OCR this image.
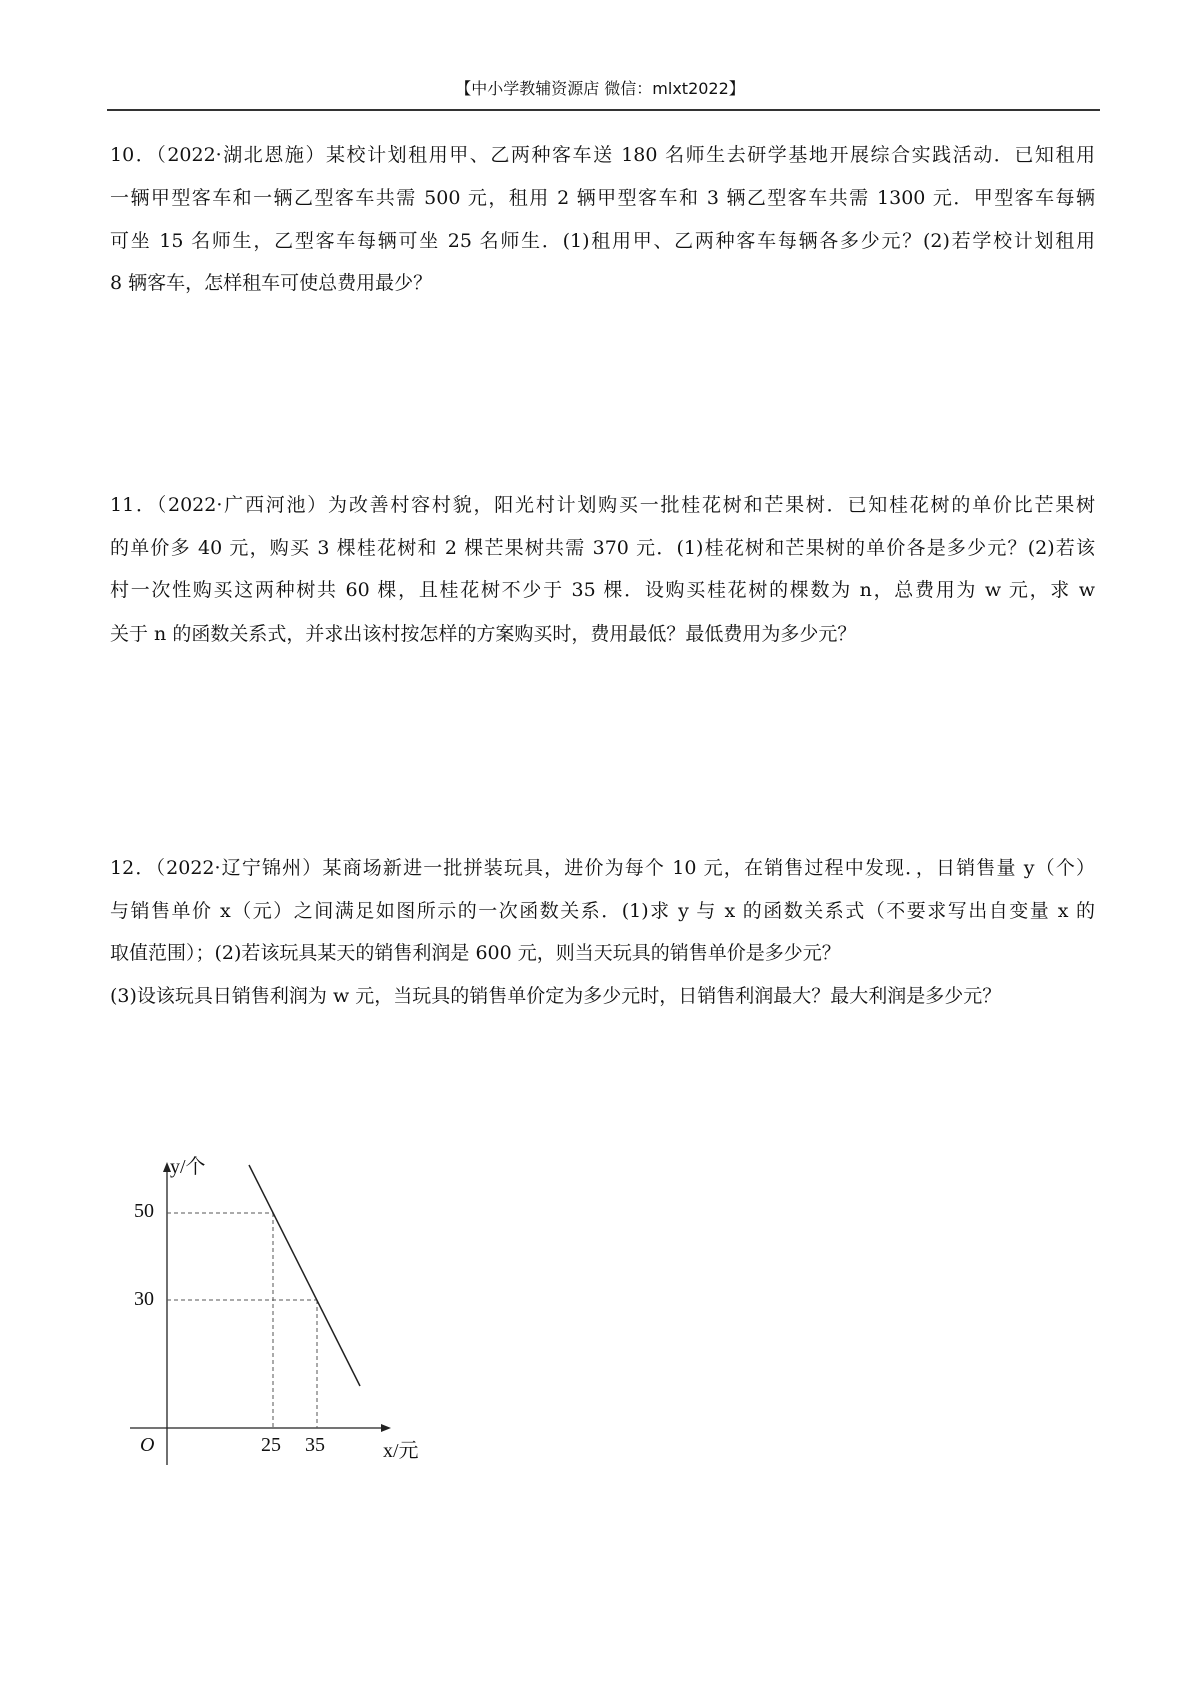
【中小学教辅资源店 微信：mlxt2022】
10．（2022·湖北恩施）某校计划租用甲、乙两种客车送 180 名师生去研学基地开展综合实践活动．已知租用
一辆甲型客车和一辆乙型客车共需 500 元，租用 2 辆甲型客车和 3 辆乙型客车共需 1300 元．甲型客车每辆
可坐 15 名师生，乙型客车每辆可坐 25 名师生．(1)租用甲、乙两种客车每辆各多少元？(2)若学校计划租用
8 辆客车，怎样租车可使总费用最少？
11．（2022·广西河池）为改善村容村貌，阳光村计划购买一批桂花树和芒果树．已知桂花树的单价比芒果树
的单价多 40 元，购买 3 棵桂花树和 2 棵芒果树共需 370 元．(1)桂花树和芒果树的单价各是多少元？(2)若该
村一次性购买这两种树共 60 棵，且桂花树不少于 35 棵．设购买桂花树的棵数为 n，总费用为 w 元，求 w
关于 n 的函数关系式，并求出该村按怎样的方案购买时，费用最低？最低费用为多少元？
12．（2022·辽宁锦州）某商场新进一批拼装玩具，进价为每个 10 元，在销售过程中发现．，日销售量 y（个）
与销售单价 x（元）之间满足如图所示的一次函数关系．(1)求 y 与 x 的函数关系式（不要求写出自变量 x 的
取值范围）；(2)若该玩具某天的销售利润是 600 元，则当天玩具的销售单价是多少元？
(3)设该玩具日销售利润为 w 元，当玩具的销售单价定为多少元时，日销售利润最大？最大利润是多少元？
y/个
50
30
O	25 35	x/元
